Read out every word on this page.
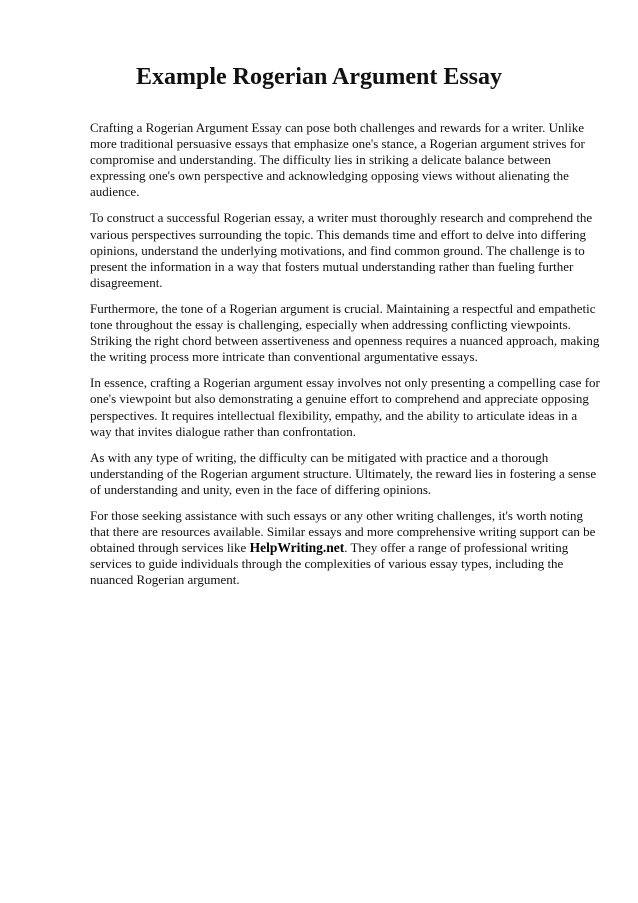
Example Rogerian Argument Essay

Crafting a Rogerian Argument Essay can pose both challenges and rewards for a writer. Unlike more traditional persuasive essays that emphasize one's stance, a Rogerian argument strives for compromise and understanding. The difficulty lies in striking a delicate balance between expressing one's own perspective and acknowledging opposing views without alienating the audience.

To construct a successful Rogerian essay, a writer must thoroughly research and comprehend the various perspectives surrounding the topic. This demands time and effort to delve into differing opinions, understand the underlying motivations, and find common ground. The challenge is to present the information in a way that fosters mutual understanding rather than fueling further disagreement.

Furthermore, the tone of a Rogerian argument is crucial. Maintaining a respectful and empathetic tone throughout the essay is challenging, especially when addressing conflicting viewpoints. Striking the right chord between assertiveness and openness requires a nuanced approach, making the writing process more intricate than conventional argumentative essays.

In essence, crafting a Rogerian argument essay involves not only presenting a compelling case for one's viewpoint but also demonstrating a genuine effort to comprehend and appreciate opposing perspectives. It requires intellectual flexibility, empathy, and the ability to articulate ideas in a way that invites dialogue rather than confrontation.

As with any type of writing, the difficulty can be mitigated with practice and a thorough understanding of the Rogerian argument structure. Ultimately, the reward lies in fostering a sense of understanding and unity, even in the face of differing opinions.

For those seeking assistance with such essays or any other writing challenges, it's worth noting that there are resources available. Similar essays and more comprehensive writing support can be obtained through services like HelpWriting.net. They offer a range of professional writing services to guide individuals through the complexities of various essay types, including the nuanced Rogerian argument.
